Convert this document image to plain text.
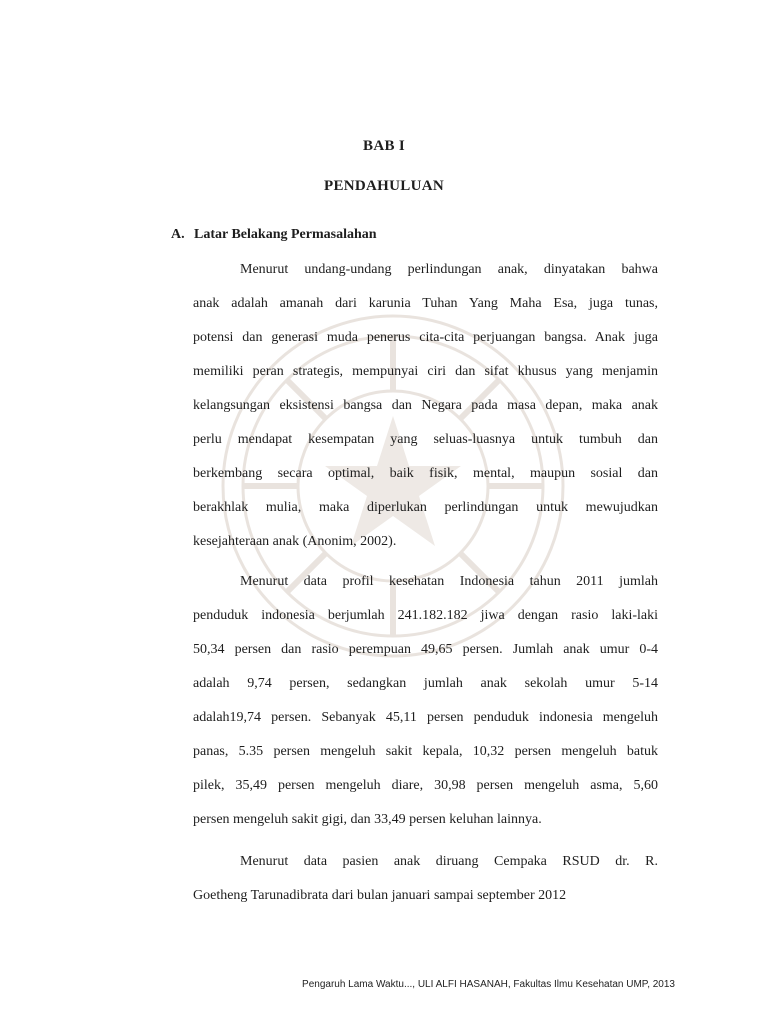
BAB I
PENDAHULUAN
A. Latar Belakang Permasalahan
Menurut undang-undang perlindungan anak, dinyatakan bahwa
anak adalah amanah dari karunia Tuhan Yang Maha Esa, juga tunas,
potensi dan generasi muda penerus cita-cita perjuangan bangsa. Anak juga
memiliki peran strategis, mempunyai ciri dan sifat khusus yang menjamin
kelangsungan eksistensi bangsa dan Negara pada masa depan, maka anak
perlu mendapat kesempatan yang seluas-luasnya untuk tumbuh dan
berkembang secara optimal, baik fisik, mental, maupun sosial dan
berakhlak mulia, maka diperlukan perlindungan untuk mewujudkan
kesejahteraan anak (Anonim, 2002).
Menurut data profil kesehatan Indonesia tahun 2011 jumlah
penduduk indonesia berjumlah 241.182.182 jiwa dengan rasio laki-laki
50,34 persen dan rasio perempuan 49,65 persen. Jumlah anak umur 0-4
adalah 9,74 persen, sedangkan jumlah anak sekolah umur 5-14
adalah19,74 persen. Sebanyak 45,11 persen penduduk indonesia mengeluh
panas, 5.35 persen mengeluh sakit kepala, 10,32 persen mengeluh batuk
pilek, 35,49 persen mengeluh diare, 30,98 persen mengeluh asma, 5,60
persen mengeluh sakit gigi, dan 33,49 persen keluhan lainnya.
Menurut data pasien anak diruang Cempaka RSUD dr. R.
Goetheng Tarunadibrata dari bulan januari sampai september 2012
Pengaruh Lama Waktu..., ULI ALFI HASANAH, Fakultas Ilmu Kesehatan UMP, 2013
